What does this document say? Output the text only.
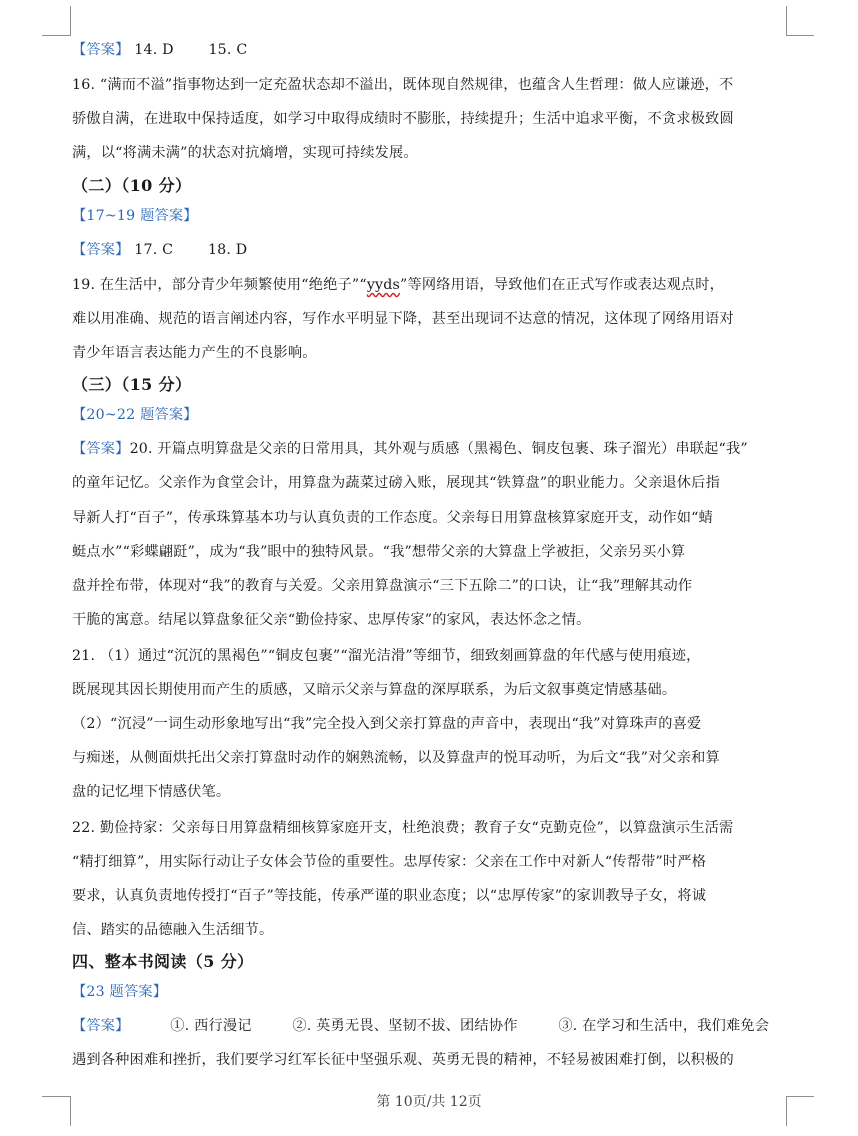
【答案】 14. D 15. C
16. “满而不溢”指事物达到一定充盈状态却不溢出，既体现自然规律，也蕴含人生哲理：做人应谦逊，不
骄傲自满，在进取中保持适度，如学习中取得成绩时不膨胀，持续提升；生活中追求平衡，不贪求极致圆
满，以“将满未满”的状态对抗熵增，实现可持续发展。
（二）（10 分）
【17~19 题答案】
【答案】 17. C 18. D
19. 在生活中，部分青少年频繁使用“绝绝子”“yyds”等网络用语，导致他们在正式写作或表达观点时，
难以用准确、规范的语言阐述内容，写作水平明显下降，甚至出现词不达意的情况，这体现了网络用语对
青少年语言表达能力产生的不良影响。
（三）（15 分）
【20~22 题答案】
【答案】20. 开篇点明算盘是父亲的日常用具，其外观与质感（黑褐色、铜皮包裹、珠子溜光）串联起“我”
的童年记忆。父亲作为食堂会计，用算盘为蔬菜过磅入账，展现其“铁算盘”的职业能力。父亲退休后指
导新人打“百子”，传承珠算基本功与认真负责的工作态度。父亲每日用算盘核算家庭开支，动作如“蜻
蜓点水”“彩蝶翩跹”，成为“我”眼中的独特风景。“我”想带父亲的大算盘上学被拒，父亲另买小算
盘并拴布带，体现对“我”的教育与关爱。父亲用算盘演示“三下五除二”的口诀，让“我”理解其动作
干脆的寓意。结尾以算盘象征父亲“勤俭持家、忠厚传家”的家风，表达怀念之情。
21. （1）通过“沉沉的黑褐色”“铜皮包裹”“溜光洁滑”等细节，细致刻画算盘的年代感与使用痕迹，
既展现其因长期使用而产生的质感，又暗示父亲与算盘的深厚联系，为后文叙事奠定情感基础。
（2）“沉浸”一词生动形象地写出“我”完全投入到父亲打算盘的声音中，表现出“我”对算珠声的喜爱
与痴迷，从侧面烘托出父亲打算盘时动作的娴熟流畅，以及算盘声的悦耳动听，为后文“我”对父亲和算
盘的记忆埋下情感伏笔。
22. 勤俭持家：父亲每日用算盘精细核算家庭开支，杜绝浪费；教育子女“克勤克俭”，以算盘演示生活需
“精打细算”，用实际行动让子女体会节俭的重要性。忠厚传家：父亲在工作中对新人“传帮带”时严格
要求，认真负责地传授打“百子”等技能，传承严谨的职业态度；以“忠厚传家”的家训教导子女，将诚
信、踏实的品德融入生活细节。
四、整本书阅读（5 分）
【23 题答案】
【答案】	①. 西行漫记	②. 英勇无畏、坚韧不拔、团结协作	③. 在学习和生活中，我们难免会
遇到各种困难和挫折，我们要学习红军长征中坚强乐观、英勇无畏的精神，不轻易被困难打倒，以积极的
第 10页/共 12页
